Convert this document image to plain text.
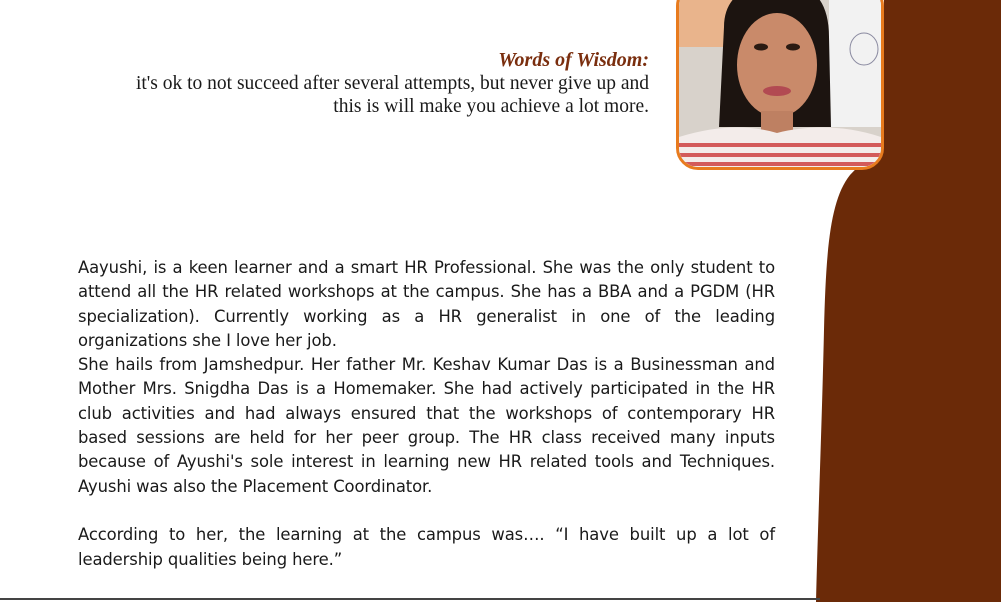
Words of Wisdom:
it's ok to not succeed after several attempts, but never give up and
this is will make you achieve a lot more.

Aayushi, is a keen learner and a smart HR Professional. She was the only student to attend all the HR related workshops at the campus. She has a BBA and a PGDM (HR specialization). Currently working as a HR generalist in one of the leading organizations she I love her job.

She hails from Jamshedpur. Her father Mr. Keshav Kumar Das is a Businessman and Mother Mrs. Snigdha Das is a Homemaker. She had actively participated in the HR club activities and had always ensured that the workshops of contemporary HR based sessions are held for her peer group. The HR class received many inputs because of Ayushi's sole interest in learning new HR related tools and Techniques. Ayushi was also the Placement Coordinator.

According to her, the learning at the campus was…. “I have built up a lot of leadership qualities being here.”
